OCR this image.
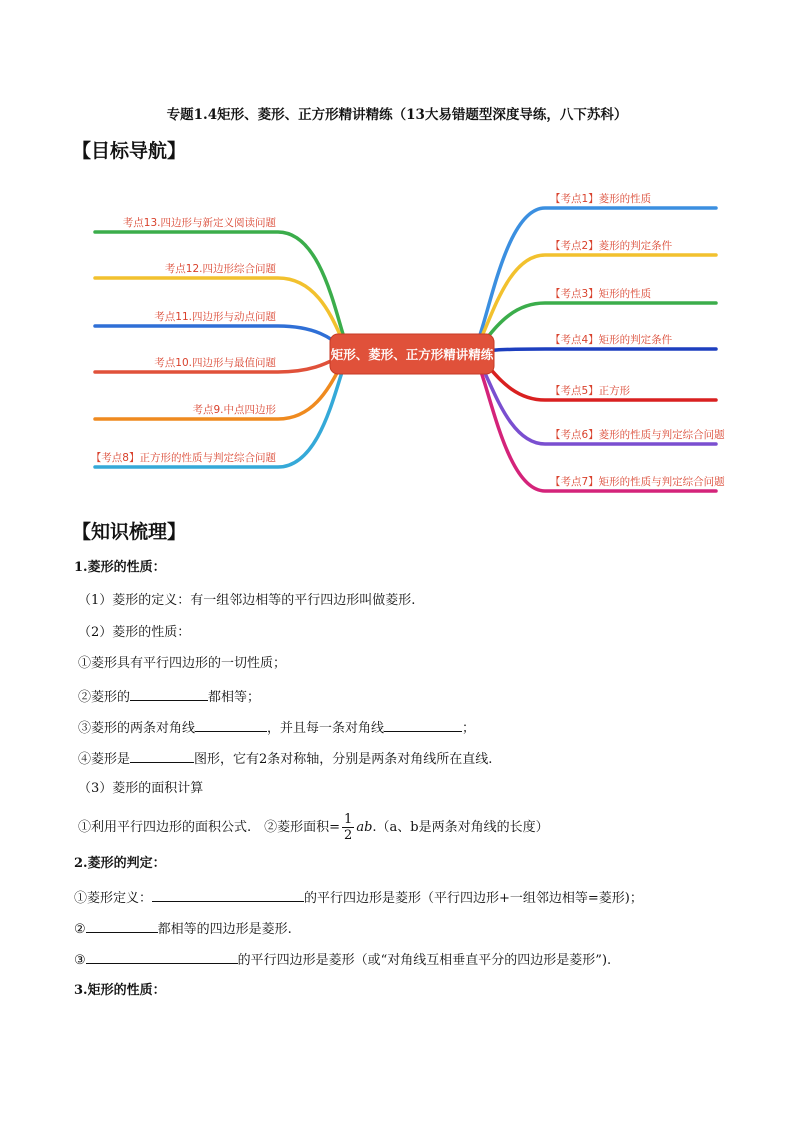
专题1.4矩形、菱形、正方形精讲精练（13大易错题型深度导练，八下苏科）
【目标导航】
考点13.四边形与新定义阅读问题
考点12.四边形综合问题
考点11.四边形与动点问题
考点10.四边形与最值问题
考点9.中点四边形
【考点8】正方形的性质与判定综合问题
【考点1】菱形的性质
【考点2】菱形的判定条件
【考点3】矩形的性质
【考点4】矩形的判定条件
【考点5】正方形
【考点6】菱形的性质与判定综合问题
【考点7】矩形的性质与判定综合问题
矩形、菱形、正方形精讲精练
【知识梳理】
1.菱形的性质：
（1）菱形的定义：有一组邻边相等的平行四边形叫做菱形.
（2）菱形的性质：
①菱形具有平行四边形的一切性质；
②菱形的	都相等；
③菱形的两条对角线	，并且每一条对角线	；
④菱形是	图形，它有2条对称轴，分别是两条对角线所在直线.
（3）菱形的面积计算
①利用平行四边形的面积公式.　②菱形面积= $\frac{1}{2} ab.(a$、b是两条对角线的长度）
2.菱形的判定：
①菱形定义：	的平行四边形是菱形（平行四边形+一组邻边相等=菱形)；
②	都相等的四边形是菱形.
③	的平行四边形是菱形（或“对角线互相垂直平分的四边形是菱形”).
3.矩形的性质：
